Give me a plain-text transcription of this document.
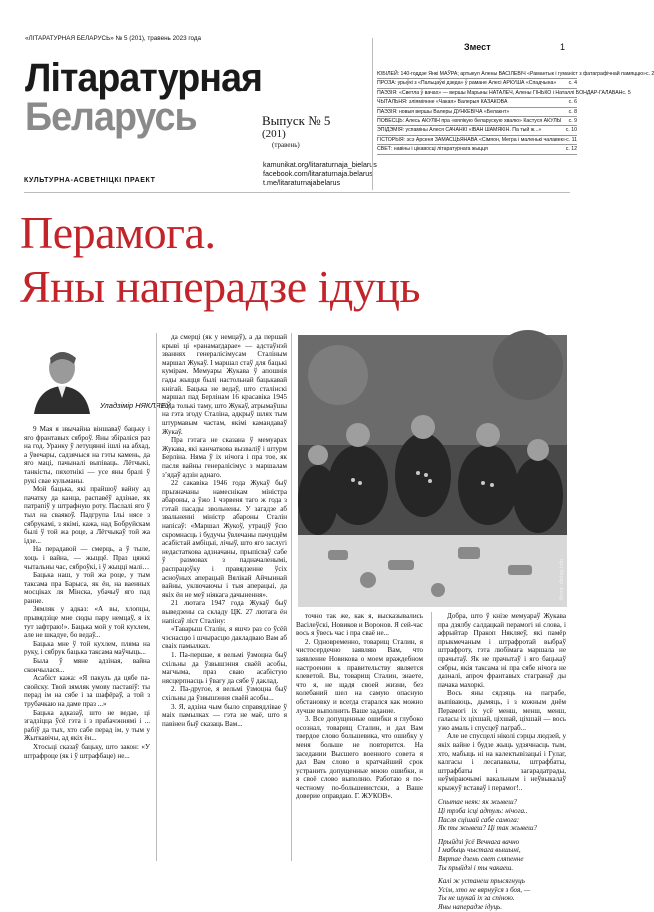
«ЛІТАРАТУРНАЯ БЕЛАРУСЬ» № 5 (201), травень 2023 года
Літаратурная
Беларусь	Выпуск № 5
(201)
(травень)
kamunikat.org/litaraturnaja_bielarus
facebook.com/litaraturnaja.belarus
t.me/litaraturnajabelarus
КУЛЬТУРНА-АСВЕТНІЦКІ ПРАЕКТ
Змест	1
ЮБІЛЕЙ: 140-годдзе Янкі МАЎРА; артыкул Алены ВАСІЛЕВІЧ «Рамантык і гуманіст з фатаграфічнай памяццю» с. 2
ПРОЗА: урыўкі з «Пальцаўкі дзеда» ў рамане Алесі АРКУША «Спадчына» с. 4
ПАЭЗІЯ: «Светла ў вачах» — вершы Марыны НАТАЛЕЧ, Алены ГІНЬКО і Наталлі БОНДАР-ГАЛАВАН с. 5
ЧЫТАЛЬНЯ: эліяміянне «Чакая» Валерыя КАЗАКОВА	с. 6
ПАЭЗІЯ: новыя вершы Валеры ДУНКЕВІЧА «Белакнт»	с. 8
ПОВЕСЦЬ: Алесь АКУЛІН пра «вялікую беларускую хвалю» Кастуся АКУЛЫ с. 9
ЭПІДЭМІЯ: успаміны Алеся САЧАНКІ «ІВАН ШАМЯКІН. Па тый ж...»	с. 10
ГІСТОРЫЯ: эсэ Арсеня ЗАМАСЦЬЯНАВА «Сімяон, Мегра і маленькі чалавек» с. 11
СВЕТ: навіны і цікавосці літаратурнага жыцця	с. 12
Перамога.
Яны наперадзе ідуць
Уладзімір НЯКЛЯЕЎ
Фота: dkdag.info

9 Мая я звычайна віншаваў бацьку і яго франтавых сяброў. Яны збіраліся раз на год. Уранку ў летуцянні ішлі на абхад, а ўвечары, садзячыся на гэты камень, да яго маці, пачыналі выпіваць. Лётчыкі, танкісты, пяхотнікі — усе яны бралі ў рукі свае кульманы.

Мой бацька, які прайшоў вайну ад пачатку да канца, распавёў адзінае, як патрапіў у штрафную роту. Паслалі яго ў тыл на сваякоў. Падгрупа Ільі нясе з сябрукамі, з якімі, кажа, над Бобруйскам былі ў той жа роце, а Лётчыкаў той жа ідзе...

На перадавой — смерць, а ў тыле, хоць і вайна, — жыццё. Праз цяжкі чытальны час, сяброўкі, і ў жыцці малі…

Бацька наш, у той жа роце, у тым таксама пра Барыса, як ён, на ваенных мосціках ля Мінска, убачыў яго пад ранне.

Зямляк у адказ: «А вы, хлопцы, прывядзіце мне сюды пару немцаў, я іх тут зафтраю!». Бацька мой у той кухлем, але не шкадуе, бо ведаў...

Бацька мне ў той кухлем, пляма на руку, і сябрук бацька таксама маўчыць...

Была ў мяне адзіная, вайна скончылася...

Асабіст кажа: «Я пакуль да цябе па-свойску. Твой зямляк умову паставіў: ты перад ім на сябе і за шафёраў, а той з трубачкаю на даме праз ...»

Бацька адказаў, што не ведае, ці згадзіцца ўсё гэта і з прабачэннямі і ... рабіў да тых, хто сабе перад ім, у тым у Жыткавічы, ад якіх ён...

Хтосьці сказаў бацьку, што закон: «У штрафроце (як і ў штрафбаце) не...

да смерці (як у немцаў), а да першай крыві ці «ранамагдарае» — адстаўнэй званнях генералісімусам Сталіным маршал Жукаў. І маршал стаў для бацькі кумірам. Мемуары Жукава ў апошнія гады жыцця былі настольнай бацькавай кнігай. Бацька не ведаў, што сталінскі маршал пад Берлінам 16 красавіка 1945 года толькі таму, што Жукаў, атрымаўшы на гэта згоду Сталіна, адкрыў шлях тым штурмавым частам, якімі камандаваў Жукаў.

Пра гэтага не сказана ў мемуарах Жукава, які канчаткова вызваліў і штурм Берліна. Няма ў іх нічога і пра тое, як пасля вайны генералісімус з маршалам з’ядаў адзін аднаго.

22 сакавіка 1946 года Жукаў быў прызначаны намеснікам міністра абароны, а ўжо 1 чэрвеня таго ж года з гэтай пасады звольнены. У загадзе аб звальненні міністр абароны Сталін напісаў: «Маршал Жукоў, утраціў ўсю скромнасць і будучы ўвлечаны пачуццём асабістай амбіцыі, лічыў, што яго заслугі недастаткова адзначаны, прыпісваў сабе ў размовах з падначаленымі, распрацоўку і правядзенне ўсіх асноўных аперацый Вялікай Айчыннай вайны, уключаючы і тыя аперацыі, да якіх ён не меў ніякага дачынення».

21 лютага 1947 года Жукаў быў выведзены са складу ЦК. 27 лютага ён напісаў ліст Сталіну:

«Таварыш Сталін, я яшчэ раз со ўсёй чэснасцю і шчырасцю дакладваю Вам аб сваіх памылках.

1. Па-першае, я вельмі ўзмоцна быў схільны да ўзвышэння сваёй асобы, магчыма, праз сваю асабістую нясцерпнасць і ўвагу да сябе ў даклад.

2. Па-другое, я вельмі ўзмоцна быў схільны да ўзвышэння сваёй асобы...

3. Я, адзіна чым было справядлівае ў маіх памылках — гэта не маё, што я павінен быў сказаць Вам...

точно так же, как я, высказывались Васілеўскі, Новиков и Воронов. Я сей-час вось я ўвесь час і пра сваё не...

2. Одновременно, товарищ Сталин, я чистосердечно заявляю Вам, что заявление Новикова о моем враждебном настроении к правительству является клеветой. Вы, товарищ Сталин, знаете, что я, не щадя своей жизни, без колебаний шел на самую опасную обстановку и всегда старался как можно лучше выполнить Ваше задание.

3. Все допущенные ошибки я глубоко осознал, товарищ Сталин, и дал Вам твердое слово большевика, что ошибку у меня больше не повторится. На заседании Высшего военного совета я дал Вам слово в кратчайший срок устранить допущенные мною ошибки, и я своё слово выполню. Работаю я по-честному по-большевистски, а Ваше доверие оправдаю. Г. ЖУКОВ».

Добра, што ў кнізе мемуараў Жукава пра дзялбу салдацкай перамогі ні слова, і афрыйтар Пракоп Някляеў, які памёр прыкмечаным і штрафротай выбраў штрафроту, гэта любімага маршала не прачытаў. Як не прачытаў і яго бацькаў сябры, якія таксама ні пра сябе нічога не дазналі, апроч франтавых стагранаў ды пачака махоркі.

Вось яны сядзяць на паграбе, выпіваюць, дымяць, і з кожным днём Перамогі іх усё менш, менш, менш, галасы іх ціхшай, ціхшай, ціхшай — вось ужо амаль і спусцеў паграб...

Але не спусцелі ніколі сэрцы людзей, у якіх вайне і будзе жыць удзячнасць тым, хто, мабыць ні на калектывізацыі і Гулаг, калгасы і лесапавалы, штрафбаты, штрафбаты і загарадатрады, неўміраючымі вакальным і неўвыкалаў крыжуў вставаў і перамог!..

Спытае неяк: як жывеш?
Ці трэба ісці адтуль: нічога..
Пасля сцішай сабе самога:
Як ты жывеш? Ці так жывеш?
Прыйдзі ўсё Вечнага вачно
І мабыць чыстага вышыні,
Вяртае дзень свет сляпенне
Ты прыйдзі і ты чакаеш.
Калі ж устанеш прысягнуць
Усім, хто не вярнуўся з боя, —
Ты не шукай іх за спіною.
Яны наперадзе ідуць.
